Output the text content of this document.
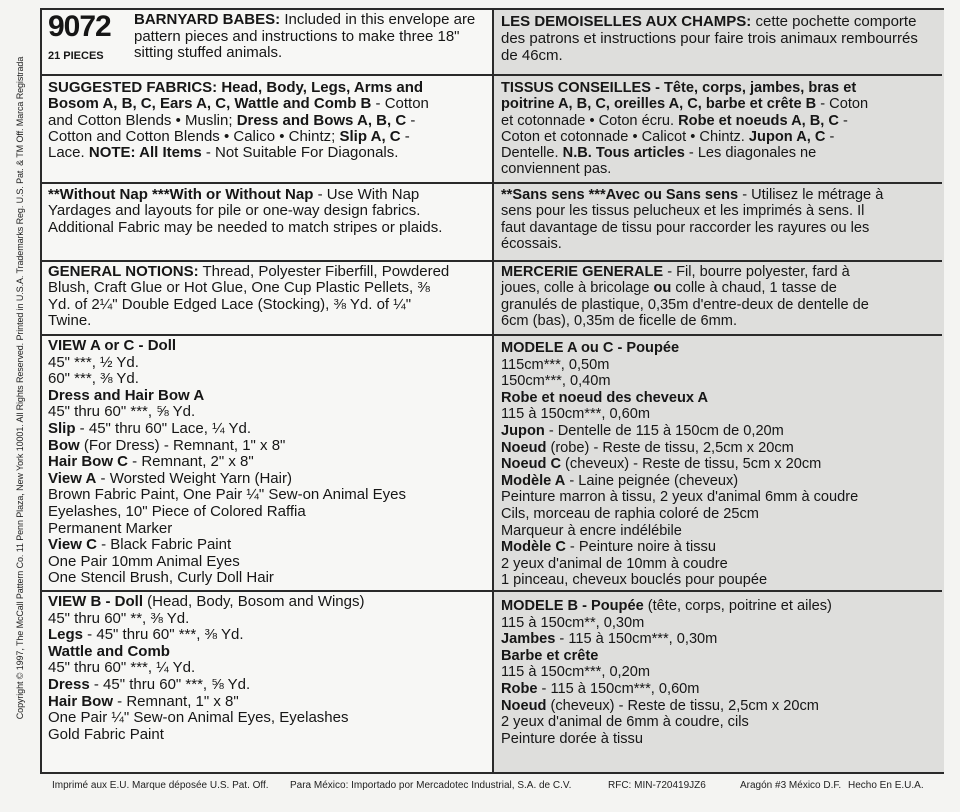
Copyright © 1997, The McCall Pattern Co. 11 Penn Plaza, New York 10001. All Rights Reserved. Printed in U.S.A. Trademarks Reg. U.S. Pat. & TM Off. Marca Registrada
9072
21 PIECES
BARNYARD BABES: Included in this envelope are pattern pieces and instructions to make three 18" sitting stuffed animals.
LES DEMOISELLES AUX CHAMPS: cette pochette comporte des patrons et instructions pour faire trois animaux rembourrés de 46cm.
SUGGESTED FABRICS: Head, Body, Legs, Arms and
Bosom A, B, C, Ears A, C, Wattle and Comb B - Cotton
and Cotton Blends • Muslin; Dress and Bows A, B, C -
Cotton and Cotton Blends • Calico • Chintz; Slip A, C -
Lace. NOTE: All Items - Not Suitable For Diagonals.
TISSUS CONSEILLES - Tête, corps, jambes, bras et
poitrine A, B, C, oreilles A, C, barbe et crête B - Coton
et cotonnade • Coton écru. Robe et noeuds A, B, C -
Coton et cotonnade • Calicot • Chintz. Jupon A, C -
Dentelle. N.B. Tous articles - Les diagonales ne
conviennent pas.
**Without Nap ***With or Without Nap - Use With Nap
Yardages and layouts for pile or one-way design fabrics.
Additional Fabric may be needed to match stripes or plaids.
**Sans sens ***Avec ou Sans sens - Utilisez le métrage à
sens pour les tissus pelucheux et les imprimés à sens. Il
faut davantage de tissu pour raccorder les rayures ou les
écossais.
GENERAL NOTIONS: Thread, Polyester Fiberfill, Powdered
Blush, Craft Glue or Hot Glue, One Cup Plastic Pellets, ⅜
Yd. of 2¼" Double Edged Lace (Stocking), ⅜ Yd. of ¼"
Twine.
MERCERIE GENERALE - Fil, bourre polyester, fard à
joues, colle à bricolage ou colle à chaud, 1 tasse de
granulés de plastique, 0,35m d'entre-deux de dentelle de
6cm (bas), 0,35m de ficelle de 6mm.
VIEW A or C - Doll
45" ***, ½ Yd.
60" ***, ⅜ Yd.
Dress and Hair Bow A
45" thru 60" ***, ⅝ Yd.
Slip - 45" thru 60" Lace, ¼ Yd.
Bow (For Dress) - Remnant, 1" x 8"
Hair Bow C - Remnant, 2" x 8"
View A - Worsted Weight Yarn (Hair)
Brown Fabric Paint, One Pair ¼" Sew-on Animal Eyes
Eyelashes, 10" Piece of Colored Raffia
Permanent Marker
View C - Black Fabric Paint
One Pair 10mm Animal Eyes
One Stencil Brush, Curly Doll Hair
MODELE A ou C - Poupée
115cm***, 0,50m
150cm***, 0,40m
Robe et noeud des cheveux A
115 à 150cm***, 0,60m
Jupon - Dentelle de 115 à 150cm de 0,20m
Noeud (robe) - Reste de tissu, 2,5cm x 20cm
Noeud C (cheveux) - Reste de tissu, 5cm x 20cm
Modèle A - Laine peignée (cheveux)
Peinture marron à tissu, 2 yeux d'animal 6mm à coudre
Cils, morceau de raphia coloré de 25cm
Marqueur à encre indélébile
Modèle C - Peinture noire à tissu
2 yeux d'animal de 10mm à coudre
1 pinceau, cheveux bouclés pour poupée
VIEW B - Doll (Head, Body, Bosom and Wings)
45" thru 60" **, ⅜ Yd.
Legs - 45" thru 60" ***, ⅜ Yd.
Wattle and Comb
45" thru 60" ***, ¼ Yd.
Dress - 45" thru 60" ***, ⅝ Yd.
Hair Bow - Remnant, 1" x 8"
One Pair ¼" Sew-on Animal Eyes, Eyelashes
Gold Fabric Paint
MODELE B - Poupée (tête, corps, poitrine et ailes)
115 à 150cm**, 0,30m
Jambes - 115 à 150cm***, 0,30m
Barbe et crête
115 à 150cm***, 0,20m
Robe - 115 à 150cm***, 0,60m
Noeud (cheveux) - Reste de tissu, 2,5cm x 20cm
2 yeux d'animal de 6mm à coudre, cils
Peinture dorée à tissu
Imprimé aux E.U. Marque déposée U.S. Pat. Off. Para México: Importado por Mercadotec Industrial, S.A. de C.V.	RFC: MIN-720419JZ6	Aragón #3 México D.F. Hecho En E.U.A.
